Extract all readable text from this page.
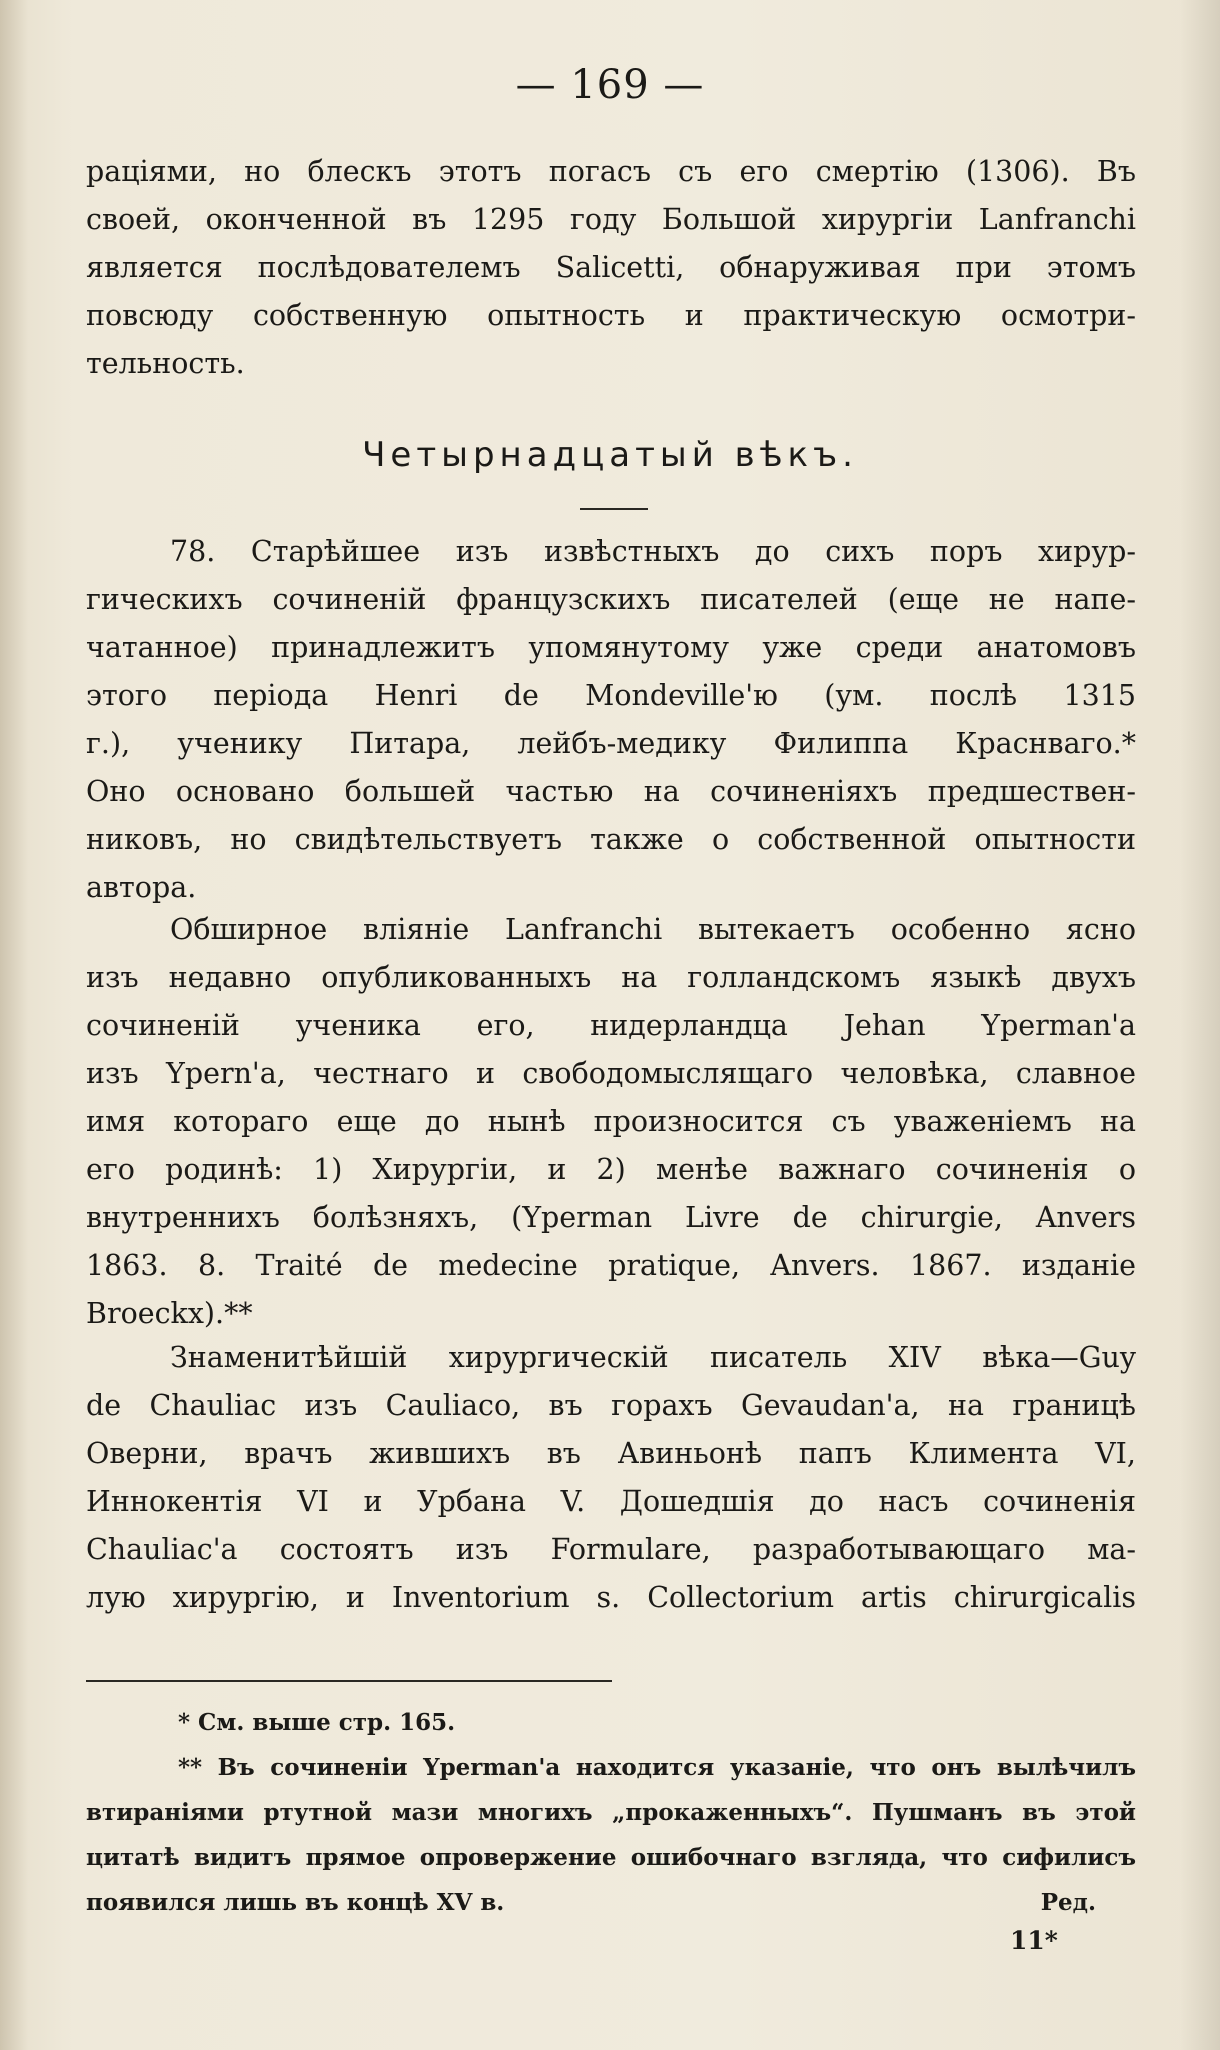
— 169 —
раціями, но блескъ этотъ погасъ съ его смертію (1306). Въ
своей, оконченной въ 1295 году Большой хирургіи Lanfranchi
является послѣдователемъ Salicetti, обнаруживая при этомъ
повсюду собственную опытность и практическую осмотри-
тельность.
Четырнадцатый вѣкъ.
78. Старѣйшее изъ извѣстныхъ до сихъ поръ хирур-
гическихъ сочиненій французскихъ писателей (еще не напе-
чатанное) принадлежитъ упомянутому уже среди анатомовъ
этого періода Henri de Mondeville'ю (ум. послѣ 1315
г.), ученику Питара, лейбъ-медику Филиппа Краснваго.*
Оно основано большей частью на сочиненіяхъ предшествен-
никовъ, но свидѣтельствуетъ также о собственной опытности
автора.
Обширное вліяніе Lanfranchi вытекаетъ особенно ясно
изъ недавно опубликованныхъ на голландскомъ языкѣ двухъ
сочиненій ученика его, нидерландца Jehan Yperman'а
изъ Ypern'а, честнаго и свободомыслящаго человѣка, славное
имя котораго еще до нынѣ произносится съ уваженіемъ на
его родинѣ: 1) Хирургіи, и 2) менѣе важнаго сочиненія о
внутреннихъ болѣзняхъ, (Yperman Livre de chirurgie, Anvers
1863. 8. Traité de medecine pratique, Anvers. 1867. изданіе
Broeckx).**
Знаменитѣйшій хирургическій писатель XIV вѣка—Guy
de Chauliac изъ Cauliaco, въ горахъ Gevaudan'а, на границѣ
Оверни, врачъ жившихъ въ Авиньонѣ папъ Климента VI,
Иннокентія VI и Урбана V. Дошедшія до насъ сочиненія
Chauliac'а состоятъ изъ Formulare, разработывающаго ма-
лую хирургію, и Inventorium s. Collectorium artis chirurgicalis
* См. выше стр. 165.
** Въ сочиненіи Yperman'а находится указаніе, что онъ вылѣчилъ
втираніями ртутной мази многихъ „прокаженныхъ“. Пушманъ въ этой
цитатѣ видитъ прямое опровержение ошибочнаго взгляда, что сифилисъ
появился лишь въ концѣ XV в.	Ред.
11*
